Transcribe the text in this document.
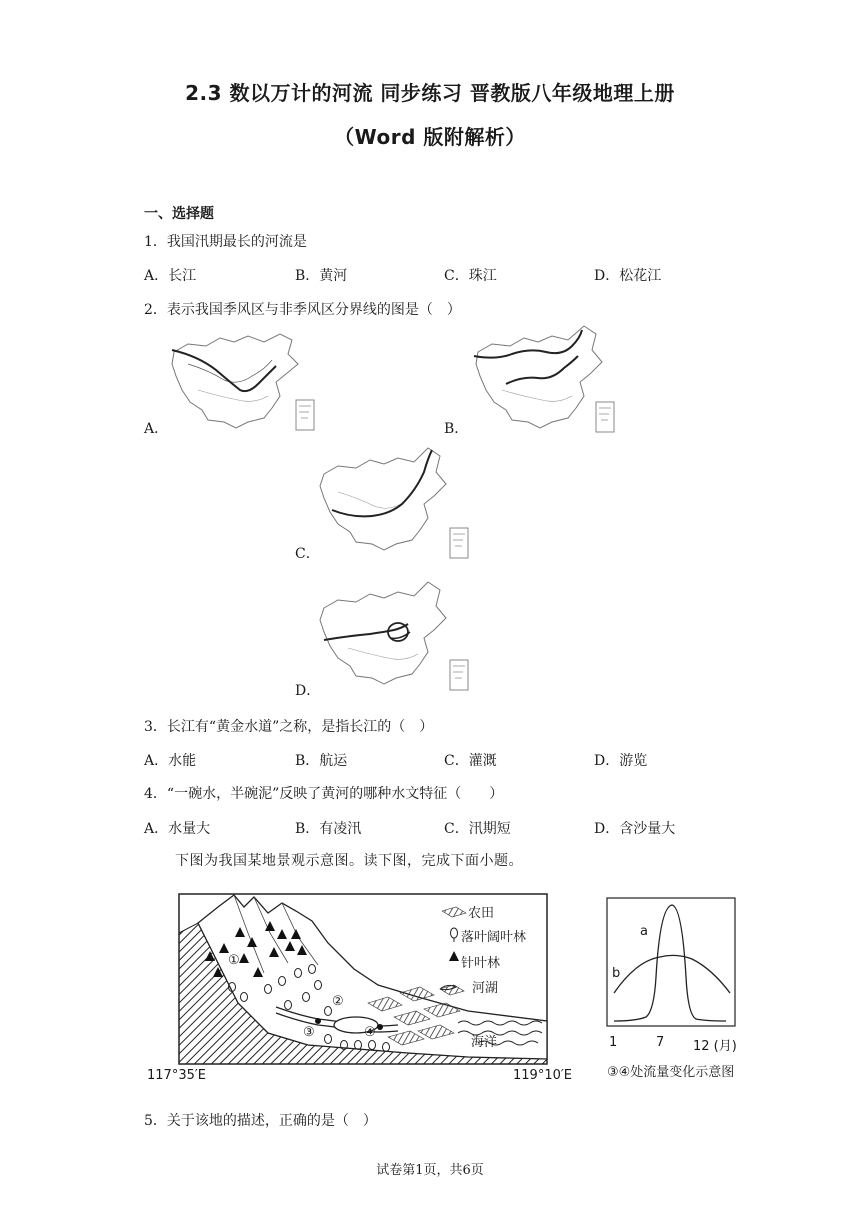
2.3 数以万计的河流 同步练习 晋教版八年级地理上册
（Word 版附解析）
一、选择题
1．我国汛期最长的河流是
A．长江	B．黄河	C．珠江	D．松花江
2．表示我国季风区与非季风区分界线的图是（　）
A．	B．
C．
D．
3．长江有“黄金水道”之称，是指长江的（　）
A．水能	B．航运	C．灌溉	D．游览
4．“一碗水，半碗泥”反映了黄河的哪种水文特征（　　）
A．水量大	B．有凌汛	C．汛期短	D．含沙量大
下图为我国某地景观示意图。读下图，完成下面小题。
农田
落叶阔叶林
针叶林
河湖
海洋
①
②
③	④
117°35′E	119°10′E
a
b
1	7 12 (月)
③④处流量变化示意图
5．关于该地的描述，正确的是（　）
试卷第1页，共6页
